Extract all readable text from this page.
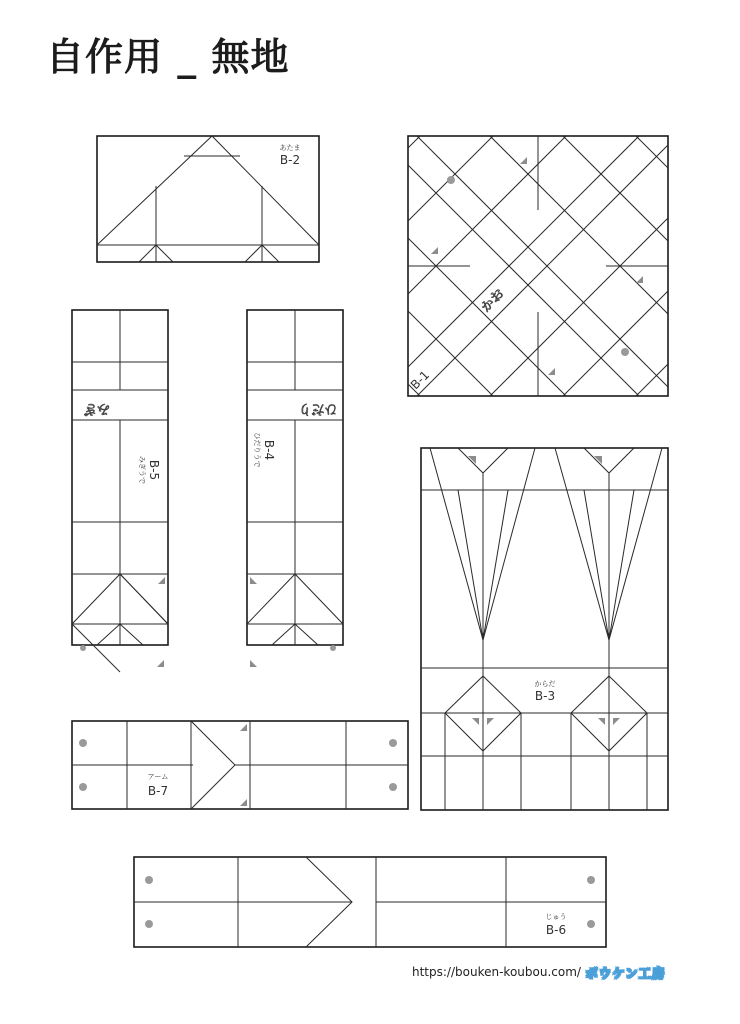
自作用 _ 無地
あたま
B-2
かお
B-1
みぎ
みぎうで B-5
ひだり
ひだりうで B-4
からだ
B-3
アーム
B-7
じゅう
B-6
https://bouken-koubou.com/ ボウケン工房
